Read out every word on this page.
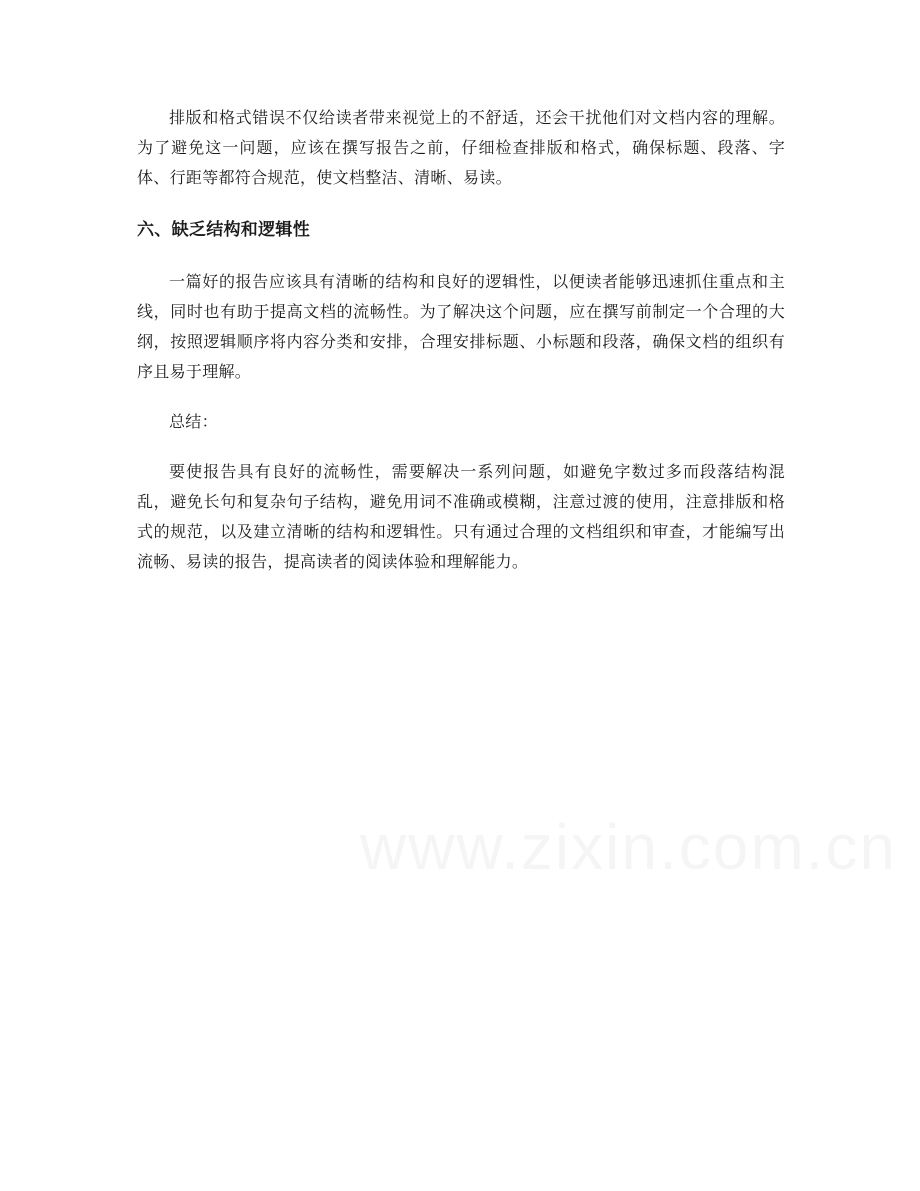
排版和格式错误不仅给读者带来视觉上的不舒适，还会干扰他们对文档内容的理解。为了避免这一问题，应该在撰写报告之前，仔细检查排版和格式，确保标题、段落、字体、行距等都符合规范，使文档整洁、清晰、易读。

六、缺乏结构和逻辑性

一篇好的报告应该具有清晰的结构和良好的逻辑性，以便读者能够迅速抓住重点和主线，同时也有助于提高文档的流畅性。为了解决这个问题，应在撰写前制定一个合理的大纲，按照逻辑顺序将内容分类和安排，合理安排标题、小标题和段落，确保文档的组织有序且易于理解。

总结：

要使报告具有良好的流畅性，需要解决一系列问题，如避免字数过多而段落结构混乱，避免长句和复杂句子结构，避免用词不准确或模糊，注意过渡的使用，注意排版和格式的规范，以及建立清晰的结构和逻辑性。只有通过合理的文档组织和审查，才能编写出流畅、易读的报告，提高读者的阅读体验和理解能力。
